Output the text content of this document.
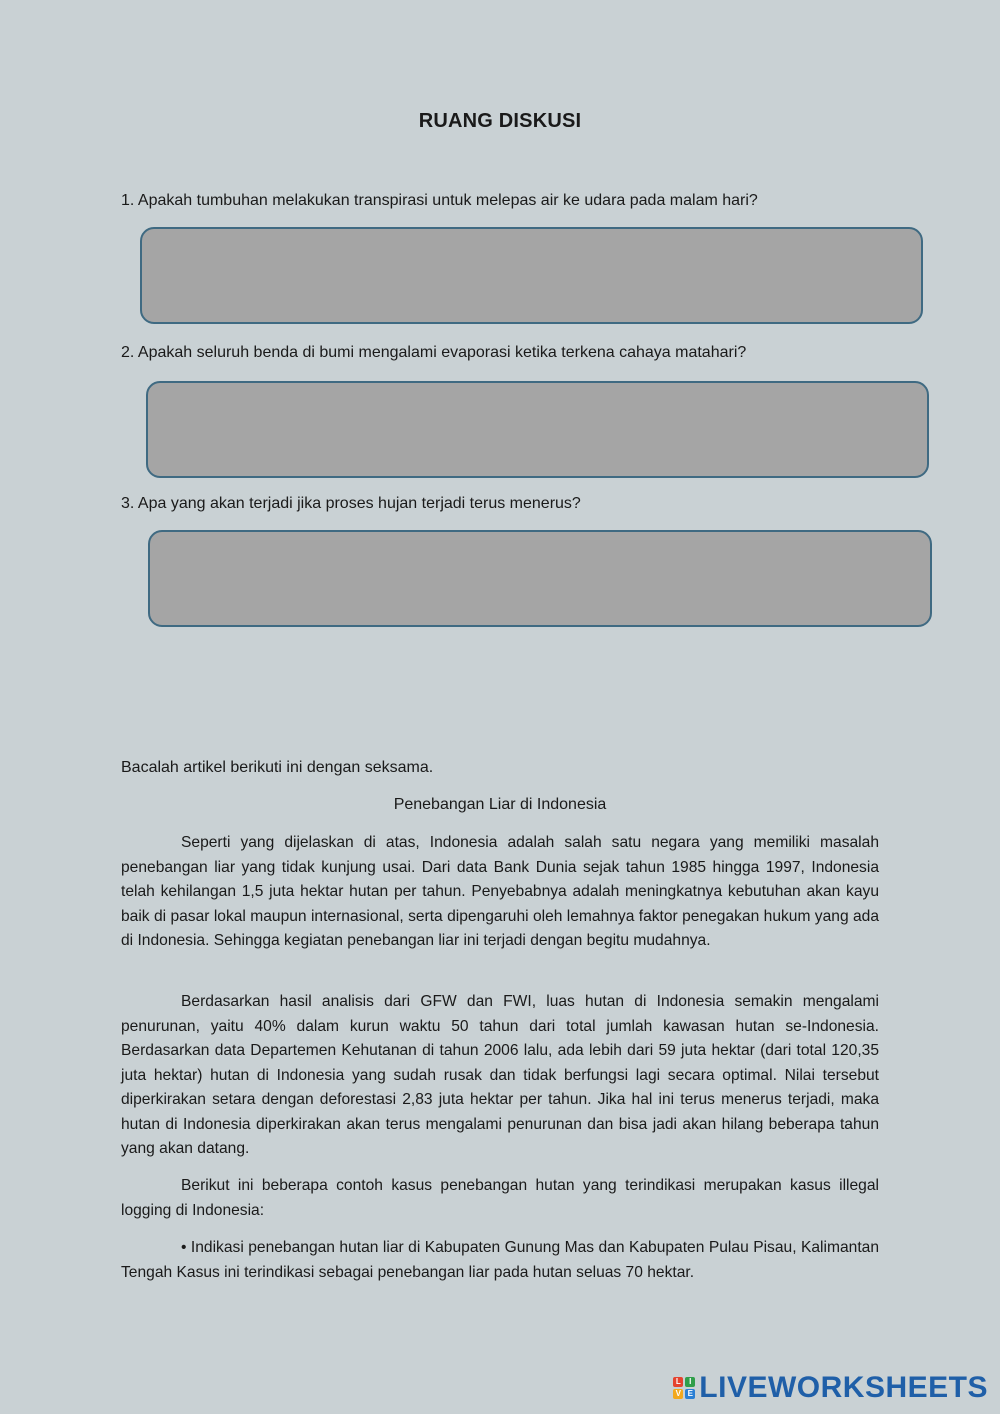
RUANG DISKUSI
1. Apakah tumbuhan melakukan transpirasi untuk melepas air ke udara pada malam hari?
2. Apakah seluruh benda di bumi mengalami evaporasi ketika terkena cahaya matahari?
3. Apa yang akan terjadi jika proses hujan terjadi terus menerus?
Bacalah artikel berikuti ini dengan seksama.
Penebangan Liar di Indonesia

Seperti yang dijelaskan di atas, Indonesia adalah salah satu negara yang memiliki masalah penebangan liar yang tidak kunjung usai. Dari data Bank Dunia sejak tahun 1985 hingga 1997, Indonesia telah kehilangan 1,5 juta hektar hutan per tahun. Penyebabnya adalah meningkatnya kebutuhan akan kayu baik di pasar lokal maupun internasional, serta dipengaruhi oleh lemahnya faktor penegakan hukum yang ada di Indonesia. Sehingga kegiatan penebangan liar ini terjadi dengan begitu mudahnya.

Berdasarkan hasil analisis dari GFW dan FWI, luas hutan di Indonesia semakin mengalami penurunan, yaitu 40% dalam kurun waktu 50 tahun dari total jumlah kawasan hutan se-Indonesia. Berdasarkan data Departemen Kehutanan di tahun 2006 lalu, ada lebih dari 59 juta hektar (dari total 120,35 juta hektar) hutan di Indonesia yang sudah rusak dan tidak berfungsi lagi secara optimal. Nilai tersebut diperkirakan setara dengan deforestasi 2,83 juta hektar per tahun. Jika hal ini terus menerus terjadi, maka hutan di Indonesia diperkirakan akan terus mengalami penurunan dan bisa jadi akan hilang beberapa tahun yang akan datang.

Berikut ini beberapa contoh kasus penebangan hutan yang terindikasi merupakan kasus illegal logging di Indonesia:

• Indikasi penebangan hutan liar di Kabupaten Gunung Mas dan Kabupaten Pulau Pisau, Kalimantan Tengah Kasus ini terindikasi sebagai penebangan liar pada hutan seluas 70 hektar.

L	I
V E LIVEWORKSHEETS
